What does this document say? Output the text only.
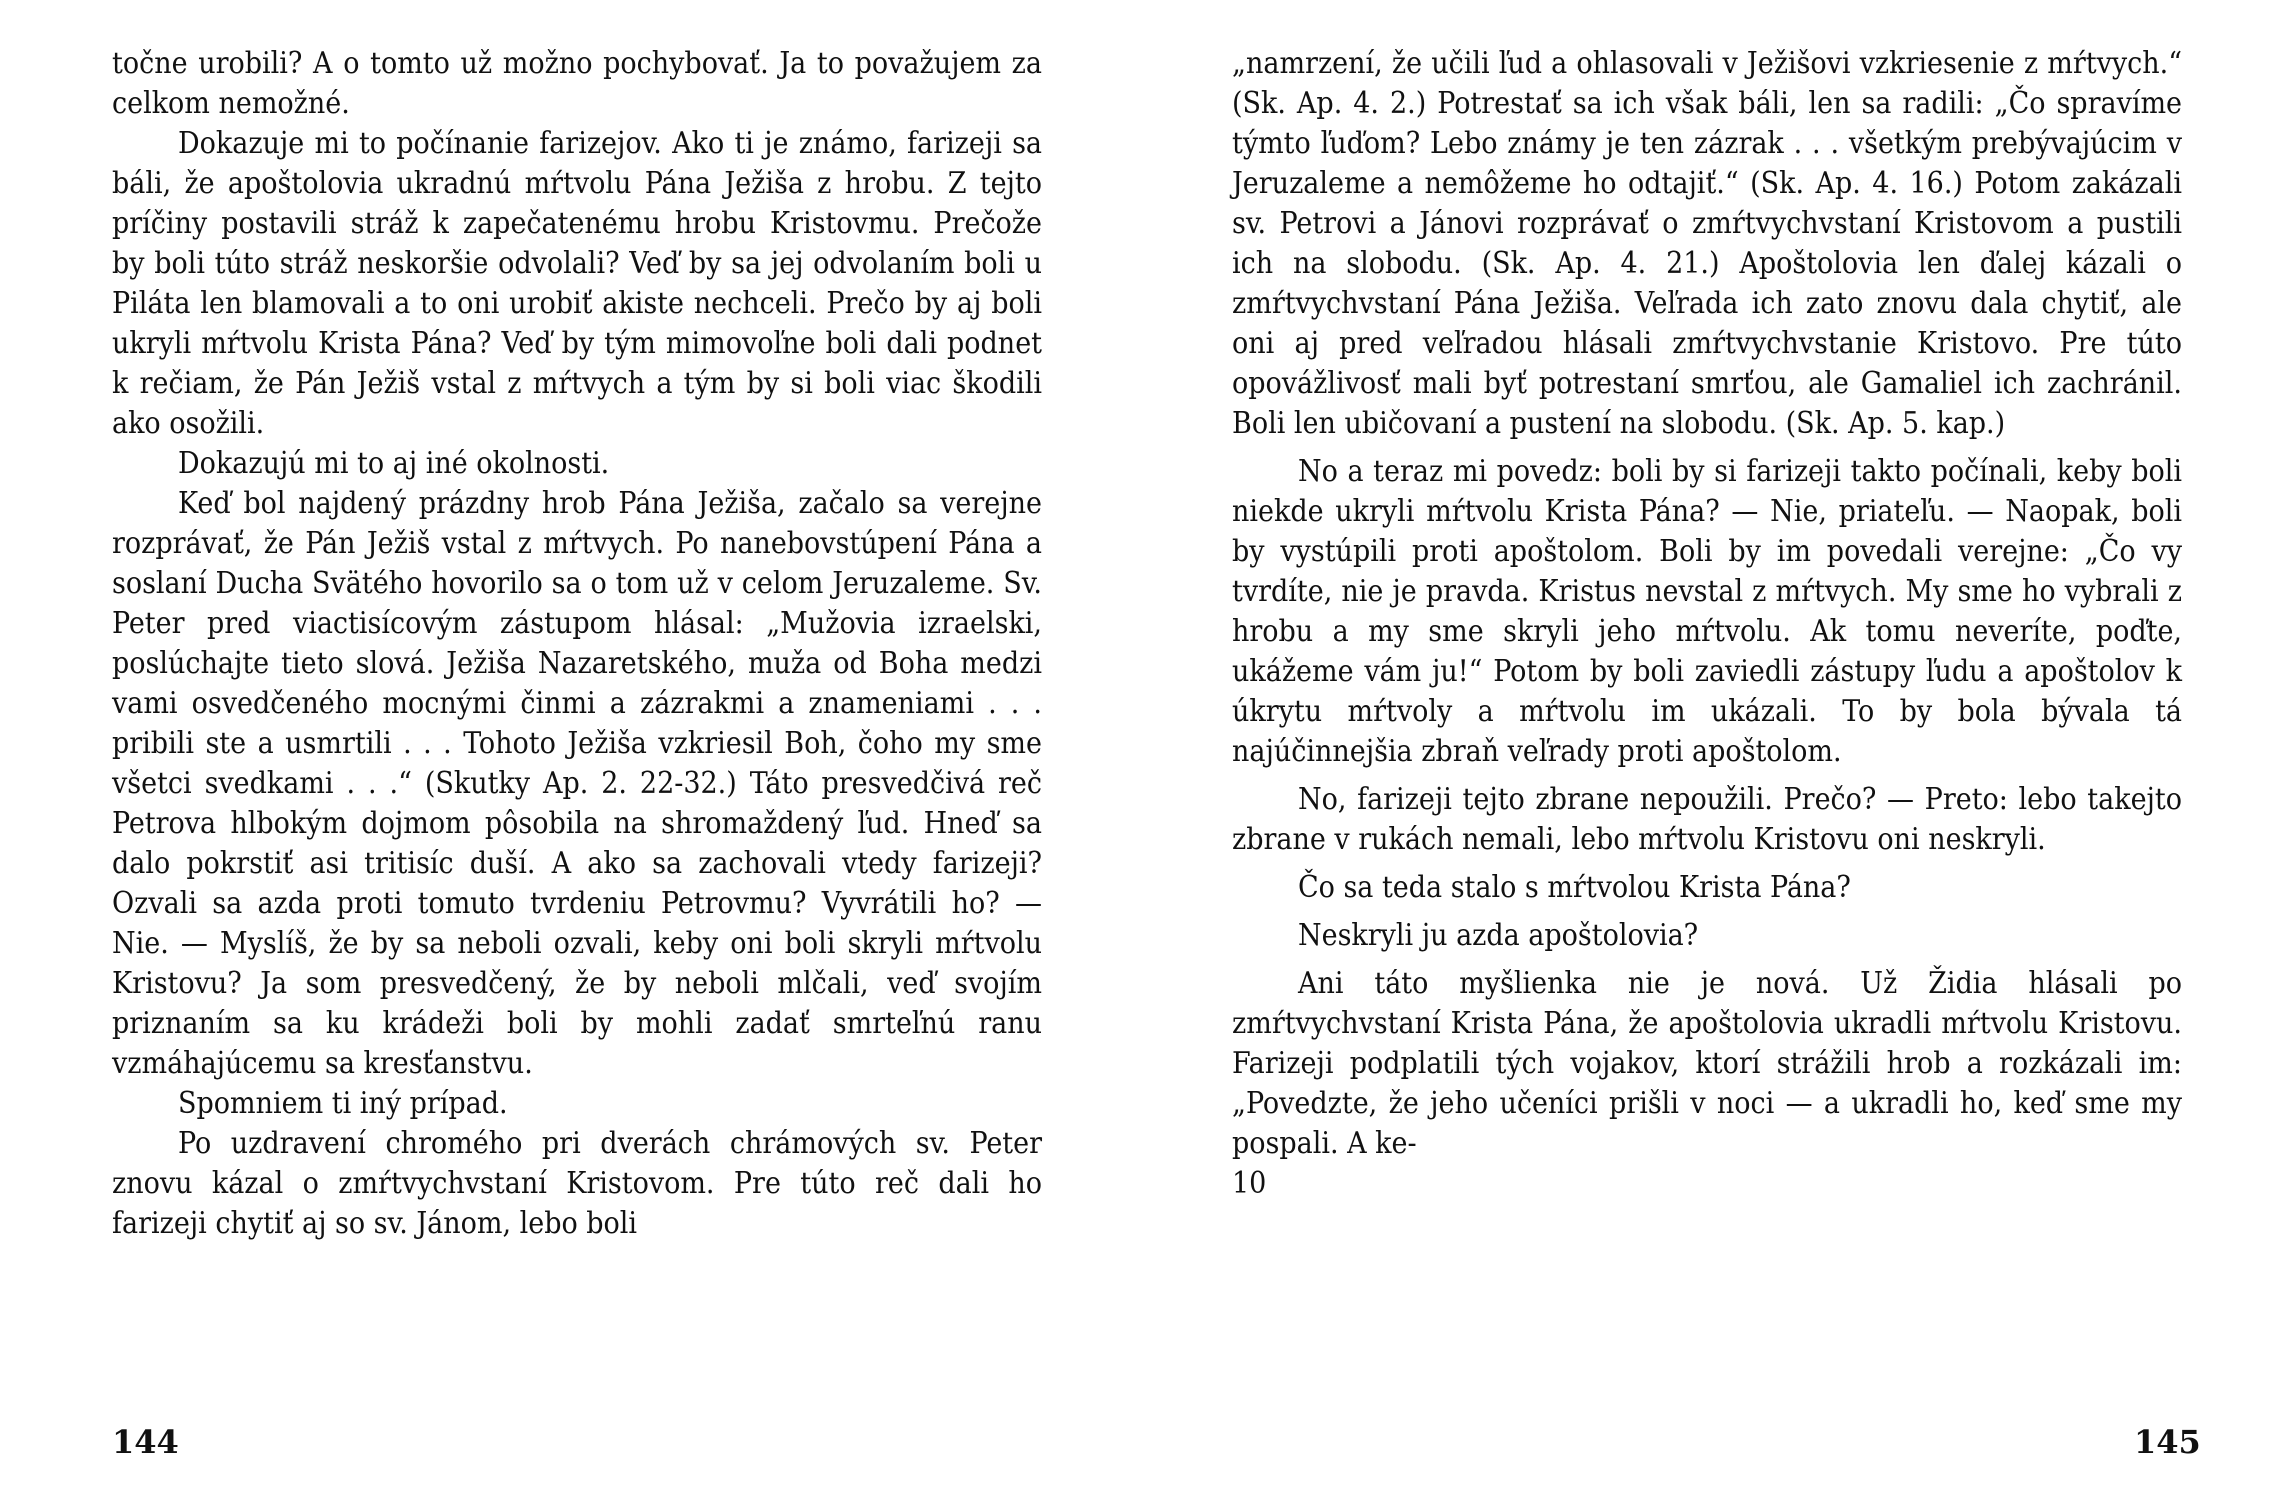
točne urobili? A o tomto už možno pochybovať. Ja to považujem za celkom nemožné.

Dokazuje mi to počínanie farizejov. Ako ti je známo, farizeji sa báli, že apoštolovia ukradnú mŕtvolu Pána Ježiša z hrobu. Z tejto príčiny postavili stráž k zapečatenému hrobu Kristovmu. Prečože by boli túto stráž neskoršie odvolali? Veď by sa jej odvolaním boli u Piláta len blamovali a to oni urobiť akiste nechceli. Prečo by aj boli ukryli mŕtvolu Krista Pána? Veď by tým mimovoľne boli dali podnet k rečiam, že Pán Ježiš vstal z mŕtvych a tým by si boli viac škodili ako osožili.

Dokazujú mi to aj iné okolnosti.

Keď bol najdený prázdny hrob Pána Ježiša, začalo sa verejne rozprávať, že Pán Ježiš vstal z mŕtvych. Po nanebovstúpení Pána a soslaní Ducha Svätého hovorilo sa o tom už v celom Jeruzaleme. Sv. Peter pred viactisícovým zástupom hlásal: „Mužovia izraelski, poslúchajte tieto slová. Ježiša Nazaretského, muža od Boha medzi vami osvedčeného mocnými činmi a zázrakmi a znameniami . . . pribili ste a usmrtili . . . Tohoto Ježiša vzkriesil Boh, čoho my sme všetci svedkami . . .“ (Skutky Ap. 2. 22-32.) Táto presvedčivá reč Petrova hlbokým dojmom pôsobila na shromaždený ľud. Hneď sa dalo pokrstiť asi tritisíc duší. A ako sa zachovali vtedy farizeji? Ozvali sa azda proti tomuto tvrdeniu Petrovmu? Vyvrátili ho? — Nie. — Myslíš, že by sa neboli ozvali, keby oni boli skryli mŕtvolu Kristovu? Ja som presvedčený, že by neboli mlčali, veď svojím priznaním sa ku krádeži boli by mohli zadať smrteľnú ranu vzmáhajúcemu sa kresťanstvu.

Spomniem ti iný prípad.

Po uzdravení chromého pri dverách chrámových sv. Peter znovu kázal o zmŕtvychvstaní Kristovom. Pre túto reč dali ho farizeji chytiť aj so sv. Jánom, lebo boli

„namrzení, že učili ľud a ohlasovali v Ježišovi vzkriesenie z mŕtvych.“ (Sk. Ap. 4. 2.) Potrestať sa ich však báli, len sa radili: „Čo spravíme týmto ľuďom? Lebo známy je ten zázrak . . . všetkým prebývajúcim v Jeruzaleme a nemôžeme ho odtajiť.“ (Sk. Ap. 4. 16.) Potom zakázali sv. Petrovi a Jánovi rozprávať o zmŕtvychvstaní Kristovom a pustili ich na slobodu. (Sk. Ap. 4. 21.) Apoštolovia len ďalej kázali o zmŕtvychvstaní Pána Ježiša. Veľrada ich zato znovu dala chytiť, ale oni aj pred veľradou hlásali zmŕtvychvstanie Kristovo. Pre túto opovážlivosť mali byť potrestaní smrťou, ale Gamaliel ich zachránil. Boli len ubičovaní a pustení na slobodu. (Sk. Ap. 5. kap.)

No a teraz mi povedz: boli by si farizeji takto počínali, keby boli niekde ukryli mŕtvolu Krista Pána? — Nie, priateľu. — Naopak, boli by vystúpili proti apoštolom. Boli by im povedali verejne: „Čo vy tvrdíte, nie je pravda. Kristus nevstal z mŕtvych. My sme ho vybrali z hrobu a my sme skryli jeho mŕtvolu. Ak tomu neveríte, poďte, ukážeme vám ju!“ Potom by boli zaviedli zástupy ľudu a apoštolov k úkrytu mŕtvoly a mŕtvolu im ukázali. To by bola bývala tá najúčinnejšia zbraň veľrady proti apoštolom.

No, farizeji tejto zbrane nepoužili. Prečo? — Preto: lebo takejto zbrane v rukách nemali, lebo mŕtvolu Kristovu oni neskryli.

Čo sa teda stalo s mŕtvolou Krista Pána?

Neskryli ju azda apoštolovia?

Ani táto myšlienka nie je nová. Už Židia hlásali po zmŕtvychvstaní Krista Pána, že apoštolovia ukradli mŕtvolu Kristovu. Farizeji podplatili tých vojakov, ktorí strážili hrob a rozkázali im: „Povedzte, že jeho učeníci prišli v noci — a ukradli ho, keď sme my pospali. A ke-

10

144	145
